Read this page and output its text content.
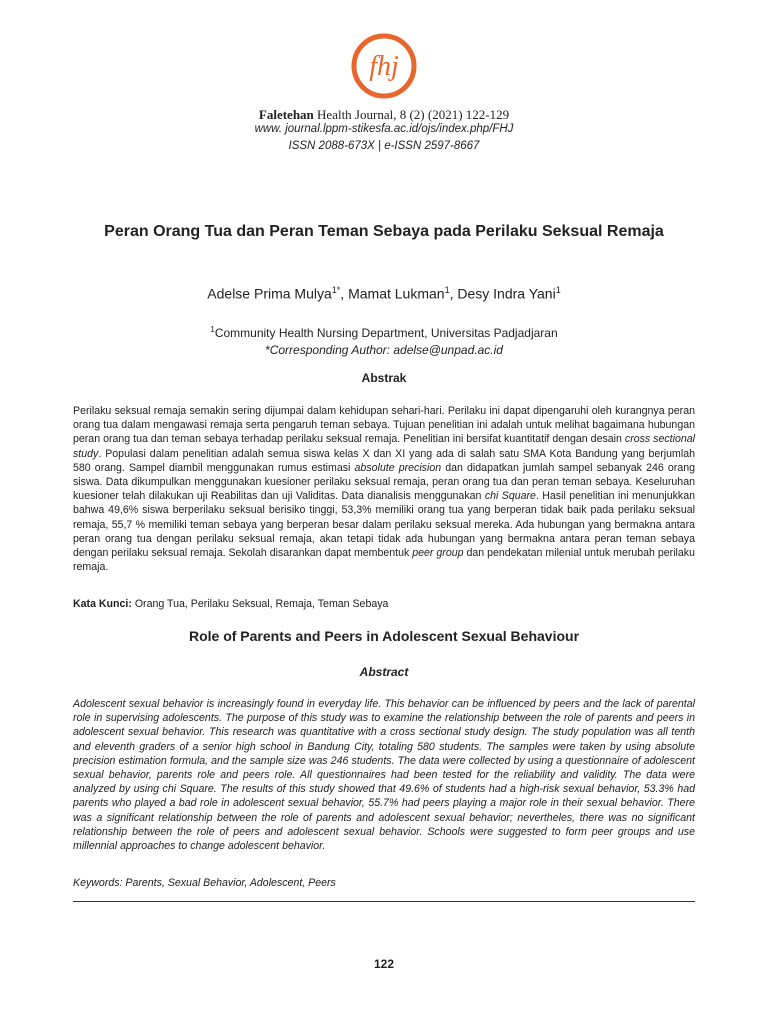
fhj
Faletehan Health Journal, 8 (2) (2021) 122-129
www. journal.lppm-stikesfa.ac.id/ojs/index.php/FHJ
ISSN 2088-673X | e-ISSN 2597-8667
Peran Orang Tua dan Peran Teman Sebaya pada Perilaku Seksual Remaja
Adelse Prima Mulya$^{1*}$, Mamat Lukman$^1$, Desy Indra Yani$^1$
$^1$Community Health Nursing Department, Universitas Padjadjaran
*Corresponding Author: adelse@unpad.ac.id
Abstrak
Perilaku seksual remaja semakin sering dijumpai dalam kehidupan sehari-hari. Perilaku ini dapat dipengaruhi oleh kurangnya peran orang tua dalam mengawasi remaja serta pengaruh teman sebaya. Tujuan penelitian ini adalah untuk melihat bagaimana hubungan peran orang tua dan teman sebaya terhadap perilaku seksual remaja. Penelitian ini bersifat kuantitatif dengan desain cross sectional study. Populasi dalam penelitian adalah semua siswa kelas X dan XI yang ada di salah satu SMA Kota Bandung yang berjumlah 580 orang. Sampel diambil menggunakan rumus estimasi absolute precision dan didapatkan jumlah sampel sebanyak 246 orang siswa. Data dikumpulkan menggunakan kuesioner perilaku seksual remaja, peran orang tua dan peran teman sebaya. Keseluruhan kuesioner telah dilakukan uji Reabilitas dan uji Validitas. Data dianalisis menggunakan chi Square. Hasil penelitian ini menunjukkan bahwa 49,6% siswa berperilaku seksual berisiko tinggi, 53,3% memiliki orang tua yang berperan tidak baik pada perilaku seksual remaja, 55,7 % memiliki teman sebaya yang berperan besar dalam perilaku seksual mereka. Ada hubungan yang bermakna antara peran orang tua dengan perilaku seksual remaja, akan tetapi tidak ada hubungan yang bermakna antara peran teman sebaya dengan perilaku seksual remaja. Sekolah disarankan dapat membentuk peer group dan pendekatan milenial untuk merubah perilaku remaja.
Kata Kunci: Orang Tua, Perilaku Seksual, Remaja, Teman Sebaya
Role of Parents and Peers in Adolescent Sexual Behaviour
Abstract
Adolescent sexual behavior is increasingly found in everyday life. This behavior can be influenced by peers and the lack of parental role in supervising adolescents. The purpose of this study was to examine the relationship between the role of parents and peers in adolescent sexual behavior. This research was quantitative with a cross sectional study design. The study population was all tenth and eleventh graders of a senior high school in Bandung City, totaling 580 students. The samples were taken by using absolute precision estimation formula, and the sample size was 246 students. The data were collected by using a questionnaire of adolescent sexual behavior, parents role and peers role. All questionnaires had been tested for the reliability and validity. The data were analyzed by using chi Square. The results of this study showed that 49.6% of students had a high-risk sexual behavior, 53.3% had parents who played a bad role in adolescent sexual behavior, 55.7% had peers playing a major role in their sexual behavior. There was a significant relationship between the role of parents and adolescent sexual behavior; nevertheles, there was no significant relationship between the role of peers and adolescent sexual behavior. Schools were suggested to form peer groups and use millennial approaches to change adolescent behavior.
Keywords: Parents, Sexual Behavior, Adolescent, Peers
122
